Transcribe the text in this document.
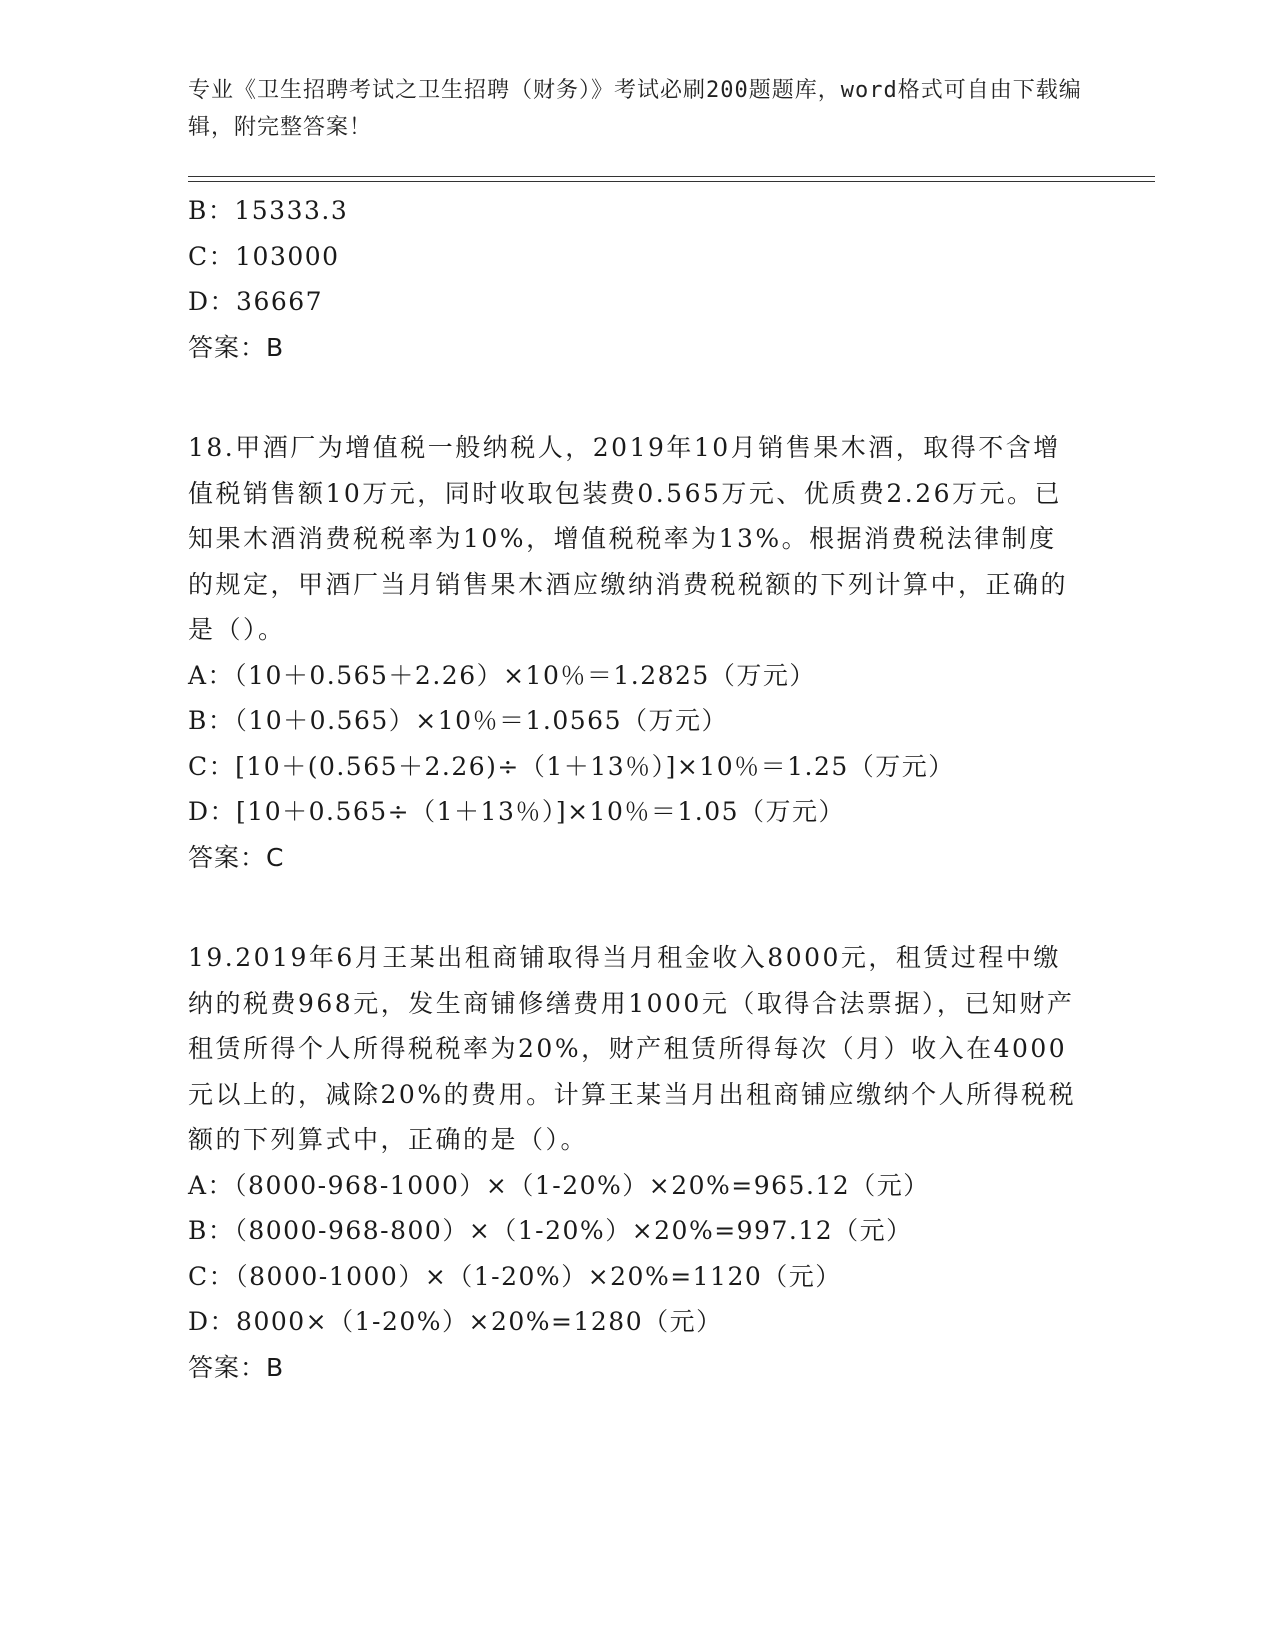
专业《卫生招聘考试之卫生招聘（财务）》考试必刷200题题库，word格式可自由下载编辑，附完整答案！
B：15333.3
C：103000
D：36667
答案：B
18.甲酒厂为增值税一般纳税人，2019年10月销售果木酒，取得不含增值税销售额10万元，同时收取包装费0.565万元、优质费2.26万元。已知果木酒消费税税率为10%，增值税税率为13%。根据消费税法律制度的规定，甲酒厂当月销售果木酒应缴纳消费税税额的下列计算中，正确的是（）。
A：（10＋0.565＋2.26）×10％＝1.2825（万元）
B：（10＋0.565）×10％＝1.0565（万元）
C：[10＋(0.565＋2.26)÷（1＋13％）]×10％＝1.25（万元）
D：[10＋0.565÷（1＋13％）]×10％＝1.05（万元）
答案：C
19.2019年6月王某出租商铺取得当月租金收入8000元，租赁过程中缴纳的税费968元，发生商铺修缮费用1000元（取得合法票据），已知财产租赁所得个人所得税税率为20%，财产租赁所得每次（月）收入在4000元以上的，减除20%的费用。计算王某当月出租商铺应缴纳个人所得税税额的下列算式中，正确的是（）。
A：（8000-968-1000）×（1-20%）×20%=965.12（元）
B：（8000-968-800）×（1-20%）×20%=997.12（元）
C：（8000-1000）×（1-20%）×20%=1120（元）
D：8000×（1-20%）×20%=1280（元）
答案：B
